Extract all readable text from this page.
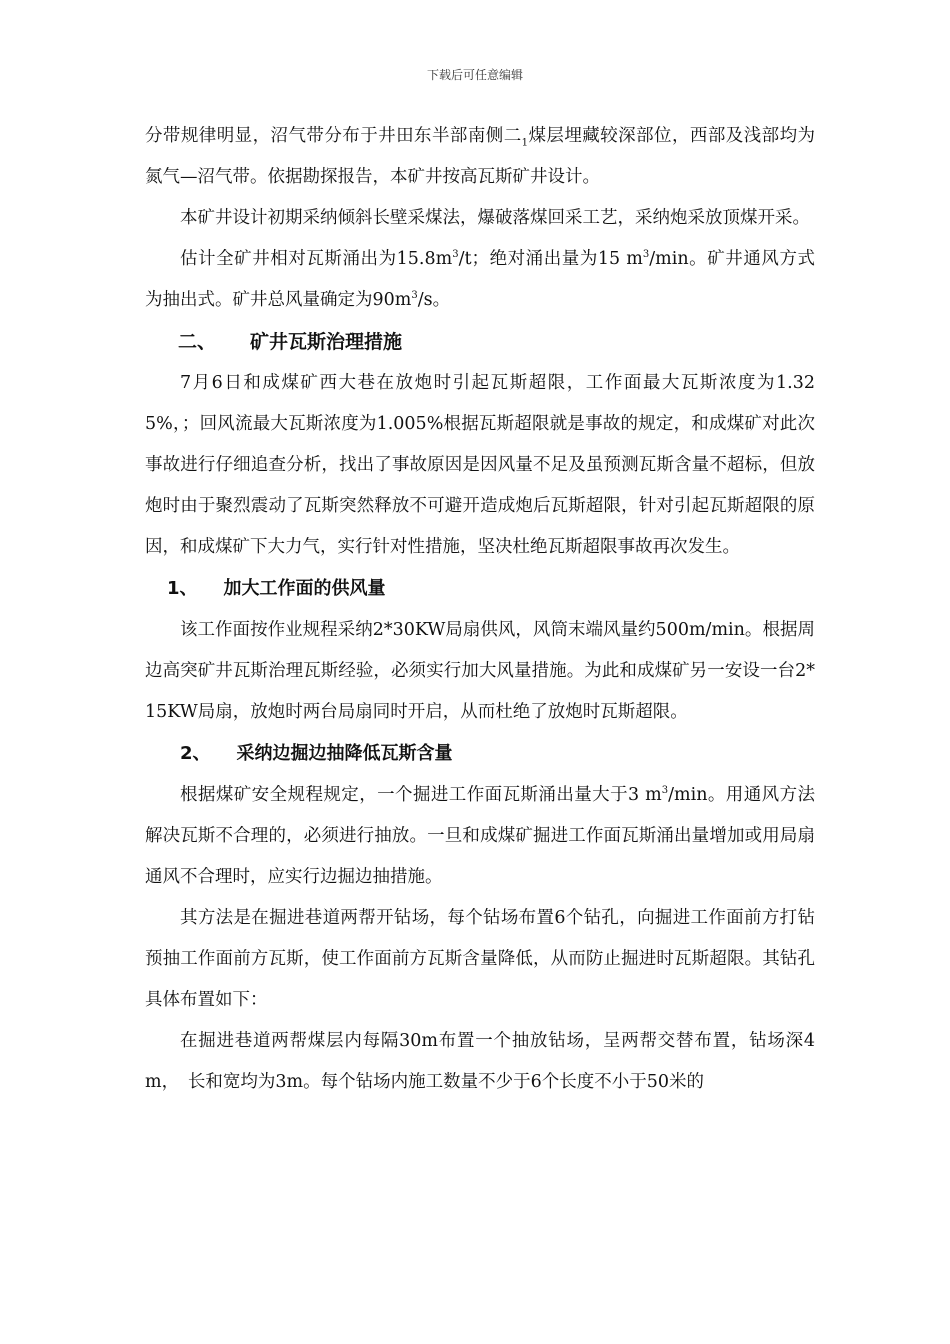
下载后可任意编辑

分带规律明显，沼气带分布于井田东半部南侧二$_1$煤层埋藏较深部位，西部及浅部均为氮气—沼气带。依据勘探报告，本矿井按高瓦斯矿井设计。

本矿井设计初期采纳倾斜长壁采煤法，爆破落煤回采工艺，采纳炮采放顶煤开采。

估计全矿井相对瓦斯涌出为$15.8m^3/t$；绝对涌出量为15 $m^3/\min$。矿井通风方式为抽出式。矿井总风量确定为$90m^3/s$。

二、 矿井瓦斯治理措施

7月6日和成煤矿西大巷在放炮时引起瓦斯超限，工作面最大瓦斯浓度为1.325%，；回风流最大瓦斯浓度为1.005%根据瓦斯超限就是事故的规定，和成煤矿对此次事故进行仔细追查分析，找出了事故原因是因风量不足及虽预测瓦斯含量不超标，但放炮时由于聚烈震动了瓦斯突然释放不可避开造成炮后瓦斯超限，针对引起瓦斯超限的原因，和成煤矿下大力气，实行针对性措施，坚决杜绝瓦斯超限事故再次发生。

1、 加大工作面的供风量

该工作面按作业规程采纳2*30KW局扇供风，风筒末端风量约500m/min。根据周边高突矿井瓦斯治理瓦斯经验，必须实行加大风量措施。为此和成煤矿另一安设一台2*15KW局扇，放炮时两台局扇同时开启，从而杜绝了放炮时瓦斯超限。

2、 采纳边掘边抽降低瓦斯含量

根据煤矿安全规程规定，一个掘进工作面瓦斯涌出量大于3 $m^3/\min$。用通风方法解决瓦斯不合理的，必须进行抽放。一旦和成煤矿掘进工作面瓦斯涌出量增加或用局扇通风不合理时，应实行边掘边抽措施。

其方法是在掘进巷道两帮开钻场，每个钻场布置6个钻孔，向掘进工作面前方打钻预抽工作面前方瓦斯，使工作面前方瓦斯含量降低，从而防止掘进时瓦斯超限。其钻孔具体布置如下：

在掘进巷道两帮煤层内每隔30m布置一个抽放钻场，呈两帮交替布置，钻场深4m，　长和宽均为3m。每个钻场内施工数量不少于6个长度不小于50米的
